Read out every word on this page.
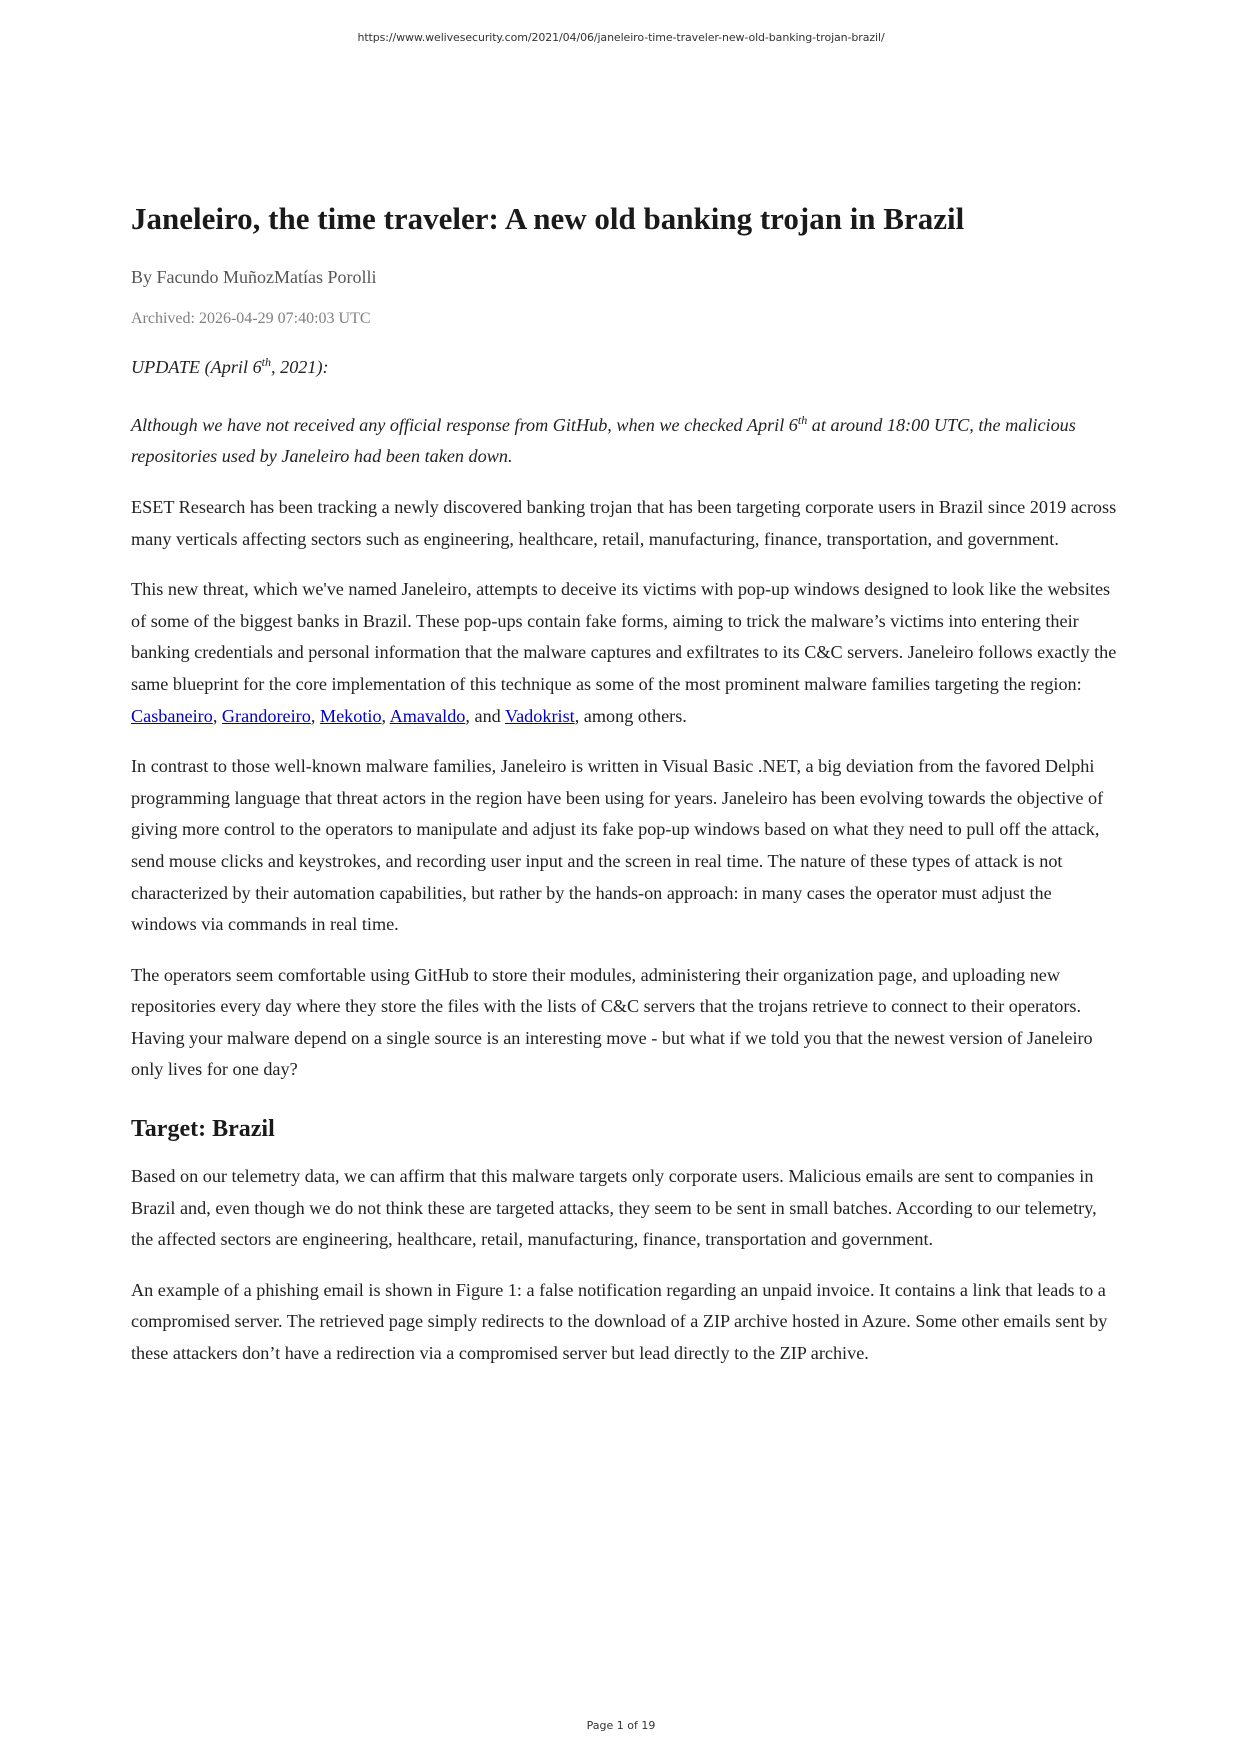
https://www.welivesecurity.com/2021/04/06/janeleiro-time-traveler-new-old-banking-trojan-brazil/
Janeleiro, the time traveler: A new old banking trojan in Brazil
By Facundo MuñozMatías Porolli
Archived: 2026-04-29 07:40:03 UTC

UPDATE (April 6th, 2021):

Although we have not received any official response from GitHub, when we checked April 6th at around 18:00 UTC, the malicious repositories used by Janeleiro had been taken down.

ESET Research has been tracking a newly discovered banking trojan that has been targeting corporate users in Brazil since 2019 across many verticals affecting sectors such as engineering, healthcare, retail, manufacturing, finance, transportation, and government.

This new threat, which we've named Janeleiro, attempts to deceive its victims with pop-up windows designed to look like the websites of some of the biggest banks in Brazil. These pop-ups contain fake forms, aiming to trick the malware’s victims into entering their banking credentials and personal information that the malware captures and exfiltrates to its C&C servers. Janeleiro follows exactly the same blueprint for the core implementation of this technique as some of the most prominent malware families targeting the region: Casbaneiro, Grandoreiro, Mekotio, Amavaldo, and Vadokrist, among others.

In contrast to those well-known malware families, Janeleiro is written in Visual Basic .NET, a big deviation from the favored Delphi programming language that threat actors in the region have been using for years. Janeleiro has been evolving towards the objective of giving more control to the operators to manipulate and adjust its fake pop-up windows based on what they need to pull off the attack, send mouse clicks and keystrokes, and recording user input and the screen in real time. The nature of these types of attack is not characterized by their automation capabilities, but rather by the hands-on approach: in many cases the operator must adjust the windows via commands in real time.

The operators seem comfortable using GitHub to store their modules, administering their organization page, and uploading new repositories every day where they store the files with the lists of C&C servers that the trojans retrieve to connect to their operators. Having your malware depend on a single source is an interesting move - but what if we told you that the newest version of Janeleiro only lives for one day?

Target: Brazil

Based on our telemetry data, we can affirm that this malware targets only corporate users. Malicious emails are sent to companies in Brazil and, even though we do not think these are targeted attacks, they seem to be sent in small batches. According to our telemetry, the affected sectors are engineering, healthcare, retail, manufacturing, finance, transportation and government.

An example of a phishing email is shown in Figure 1: a false notification regarding an unpaid invoice. It contains a link that leads to a compromised server. The retrieved page simply redirects to the download of a ZIP archive hosted in Azure. Some other emails sent by these attackers don’t have a redirection via a compromised server but lead directly to the ZIP archive.

Page 1 of 19
